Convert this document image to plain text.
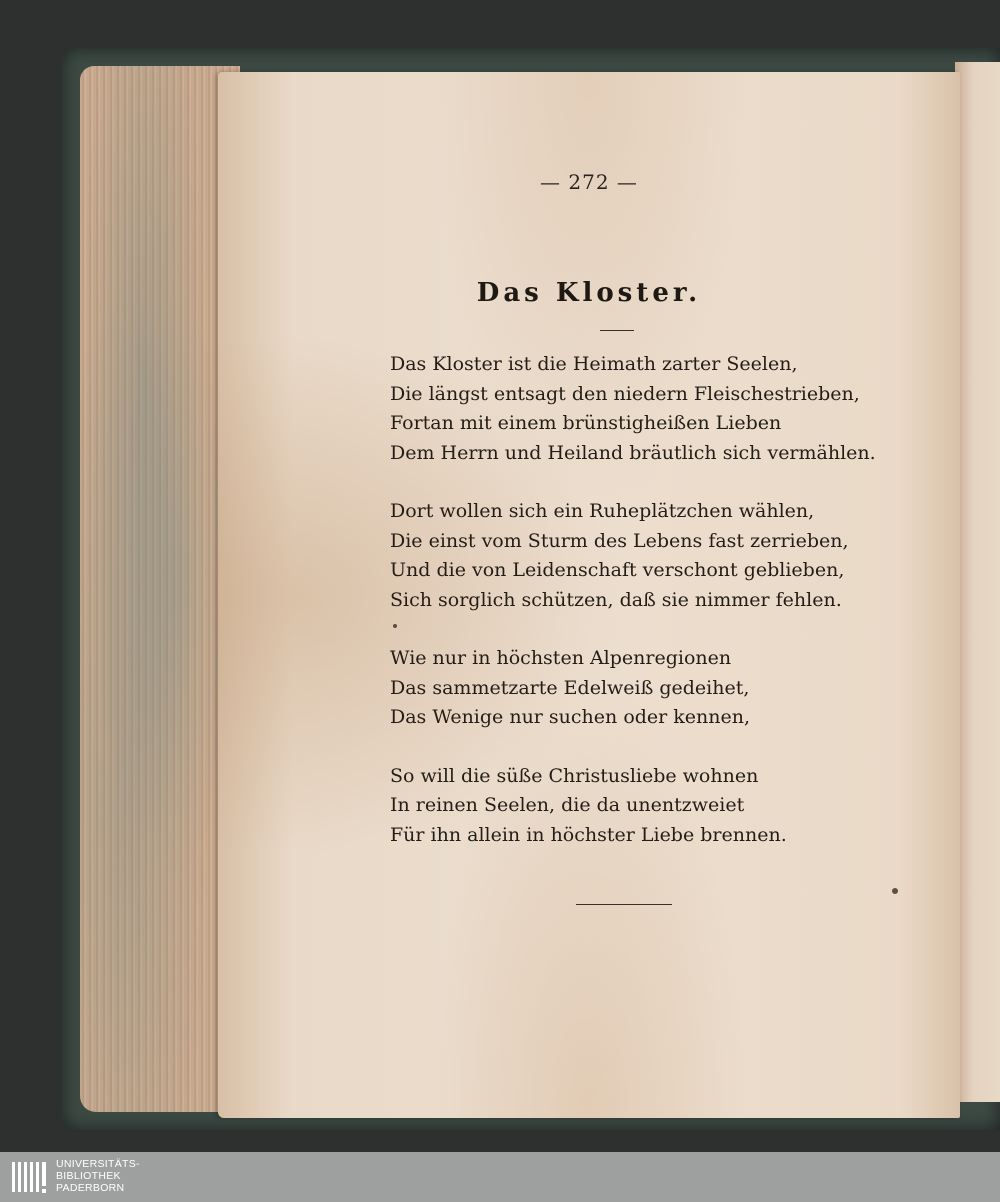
— 272 —
Das Kloster.
Das Kloster ist die Heimath zarter Seelen,
Die längst entsagt den niedern Fleischestrieben,
Fortan mit einem brünstigheißen Lieben
Dem Herrn und Heiland bräutlich sich vermählen.
Dort wollen sich ein Ruheplätzchen wählen,
Die einst vom Sturm des Lebens fast zerrieben,
Und die von Leidenschaft verschont geblieben,
Sich sorglich schützen, daß sie nimmer fehlen.
Wie nur in höchsten Alpenregionen
Das sammetzarte Edelweiß gedeihet,
Das Wenige nur suchen oder kennen,
So will die süße Christusliebe wohnen
In reinen Seelen, die da unentzweiet
Für ihn allein in höchster Liebe brennen.
UNIVERSITÄTS-
BIBLIOTHEK
PADERBORN
